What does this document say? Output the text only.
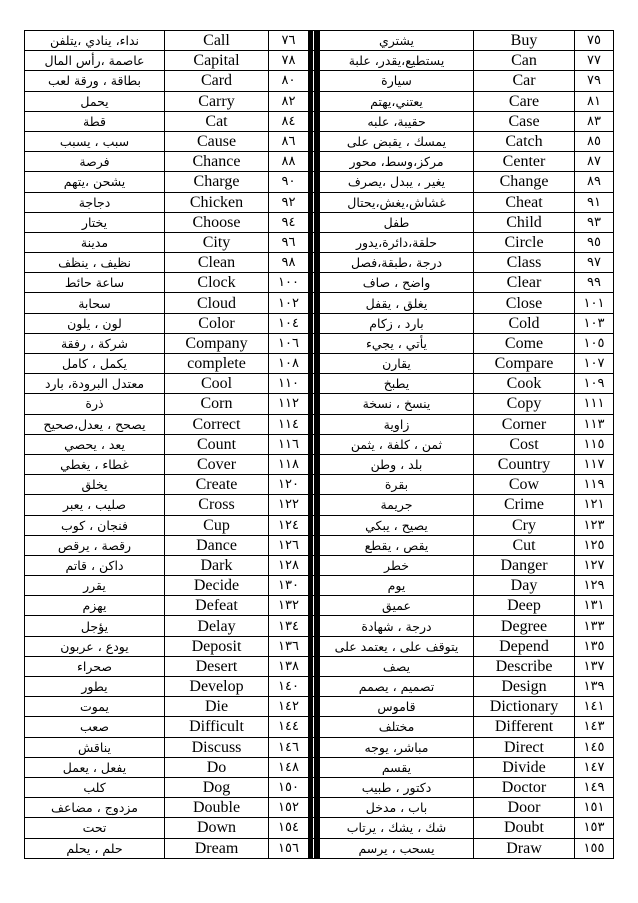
نداء، ينادي ،يتلفن	Call	٧٦		يشتري	Buy	٧٥
عاصمة ،رأس المال	Capital	٧٨		يستطيع،يقدر، علبة	Can	٧٧
بطاقة ، ورقة لعب	Card	٨٠		سيارة	Car	٧٩
يحمل	Carry	٨٢		يعتني،يهتم	Care	٨١
قطة	Cat	٨٤		حقيبة، علبه	Case	٨٣
سبب ، يسبب	Cause	٨٦		يمسك ، يقبض على	Catch	٨٥
فرصة	Chance	٨٨		مركز،وسط، محور	Center	٨٧
يشحن ،يتهم	Charge	٩٠		يغير ، يبدل ،يصرف	Change	٨٩
دجاجة	Chicken	٩٢		غشاش،يغش،يحتال	Cheat	٩١
يختار	Choose	٩٤		طفل	Child	٩٣
مدينة	City	٩٦		حلقة،دائرة،يدور	Circle	٩٥
نظيف ، ينظف	Clean	٩٨		درجة ،طبقة،فصل	Class	٩٧
ساعة حائط	Clock	١٠٠		واضح ، صاف	Clear	٩٩
سحابة	Cloud	١٠٢		يغلق ، يقفل	Close	١٠١
لون ، يلون	Color	١٠٤		بارد ، زكام	Cold	١٠٣
شركة ، رفقة	Company	١٠٦		يأتي ، يجيء	Come	١٠٥
يكمل ، كامل	complete	١٠٨		يقارن	Compare	١٠٧
معتدل البرودة، بارد	Cool	١١٠		يطبخ	Cook	١٠٩
ذرة	Corn	١١٢		ينسخ ، نسخة	Copy	١١١
يصحح ، يعدل،صحيح	Correct	١١٤		زاوية	Corner	١١٣
يعد ، يحصي	Count	١١٦		ثمن ، كلفة ، يثمن	Cost	١١٥
غطاء ، يغطي	Cover	١١٨		بلد ، وطن	Country	١١٧
يخلق	Create	١٢٠		بقرة	Cow	١١٩
صليب ، يعبر	Cross	١٢٢		جريمة	Crime	١٢١
فنجان ، كوب	Cup	١٢٤		يصيح ، يبكي	Cry	١٢٣
رقصة ، يرقص	Dance	١٢٦		يقص ، يقطع	Cut	١٢٥
داكن ، قاتم	Dark	١٢٨		خطر	Danger	١٢٧
يقرر	Decide	١٣٠		يوم	Day	١٢٩
يهزم	Defeat	١٣٢		عميق	Deep	١٣١
يؤجل	Delay	١٣٤		درجة ، شهادة	Degree	١٣٣
يودع ، عربون	Deposit	١٣٦		يتوقف على ، يعتمد على	Depend	١٣٥
صحراء	Desert	١٣٨		يصف	Describe	١٣٧
يطور	Develop	١٤٠		تصميم ، يصمم	Design	١٣٩
يموت	Die	١٤٢		قاموس	Dictionary	١٤١
صعب	Difficult	١٤٤		مختلف	Different	١٤٣
يناقش	Discuss	١٤٦		مباشر، يوجه	Direct	١٤٥
يفعل ، يعمل	Do	١٤٨		يقسم	Divide	١٤٧
كلب	Dog	١٥٠		دكتور ، طبيب	Doctor	١٤٩
مزدوج ، مضاعف	Double	١٥٢		باب ، مدخل	Door	١٥١
تحت	Down	١٥٤		شك ، يشك ، يرتاب	Doubt	١٥٣
حلم ، يحلم	Dream	١٥٦		يسحب ، يرسم	Draw	١٥٥
